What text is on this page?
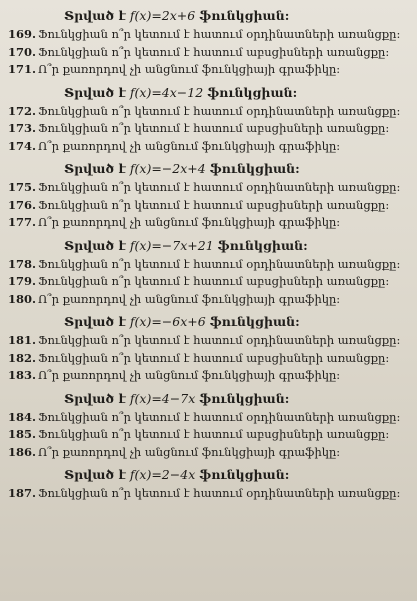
Տրված է f(x)=2x+6 ֆունկցիան:
169. Ֆունկցիան ո՞ր կետում է հատում օրդինատների առանցքը:
170. Ֆունկցիան ո՞ր կետում է հատում աբսցիսների առանցքը:
171. Ո՞ր քառորդով չի անցնում ֆունկցիայի գրաֆիկը:
Տրված է f(x)=4x−12 ֆունկցիան:
172. Ֆունկցիան ո՞ր կետում է հատում օրդինատների առանցքը:
173. Ֆունկցիան ո՞ր կետում է հատում աբսցիսների առանցքը:
174. Ո՞ր քառորդով չի անցնում ֆունկցիայի գրաֆիկը:
Տրված է f(x)=−2x+4 ֆունկցիան:
175. Ֆունկցիան ո՞ր կետում է հատում օրդինատների առանցքը:
176. Ֆունկցիան ո՞ր կետում է հատում աբսցիսների առանցքը:
177. Ո՞ր քառորդով չի անցնում ֆունկցիայի գրաֆիկը:
Տրված է f(x)=−7x+21 ֆունկցիան:
178. Ֆունկցիան ո՞ր կետում է հատում օրդինատների առանցքը:
179. Ֆունկցիան ո՞ր կետում է հատում աբսցիսների առանցքը:
180. Ո՞ր քառորդով չի անցնում ֆունկցիայի գրաֆիկը:
Տրված է f(x)=−6x+6 ֆունկցիան:
181. Ֆունկցիան ո՞ր կետում է հատում օրդինատների առանցքը:
182. Ֆունկցիան ո՞ր կետում է հատում աբսցիսների առանցքը:
183. Ո՞ր քառորդով չի անցնում ֆունկցիայի գրաֆիկը:
Տրված է f(x)=4−7x ֆունկցիան:
184. Ֆունկցիան ո՞ր կետում է հատում օրդինատների առանցքը:
185. Ֆունկցիան ո՞ր կետում է հատում աբսցիսների առանցքը:
186. Ո՞ր քառորդով չի անցնում ֆունկցիայի գրաֆիկը:
Տրված է f(x)=2−4x ֆունկցիան:
187. Ֆունկցիան ո՞ր կետում է հատում օրդինատների առանցքը:
